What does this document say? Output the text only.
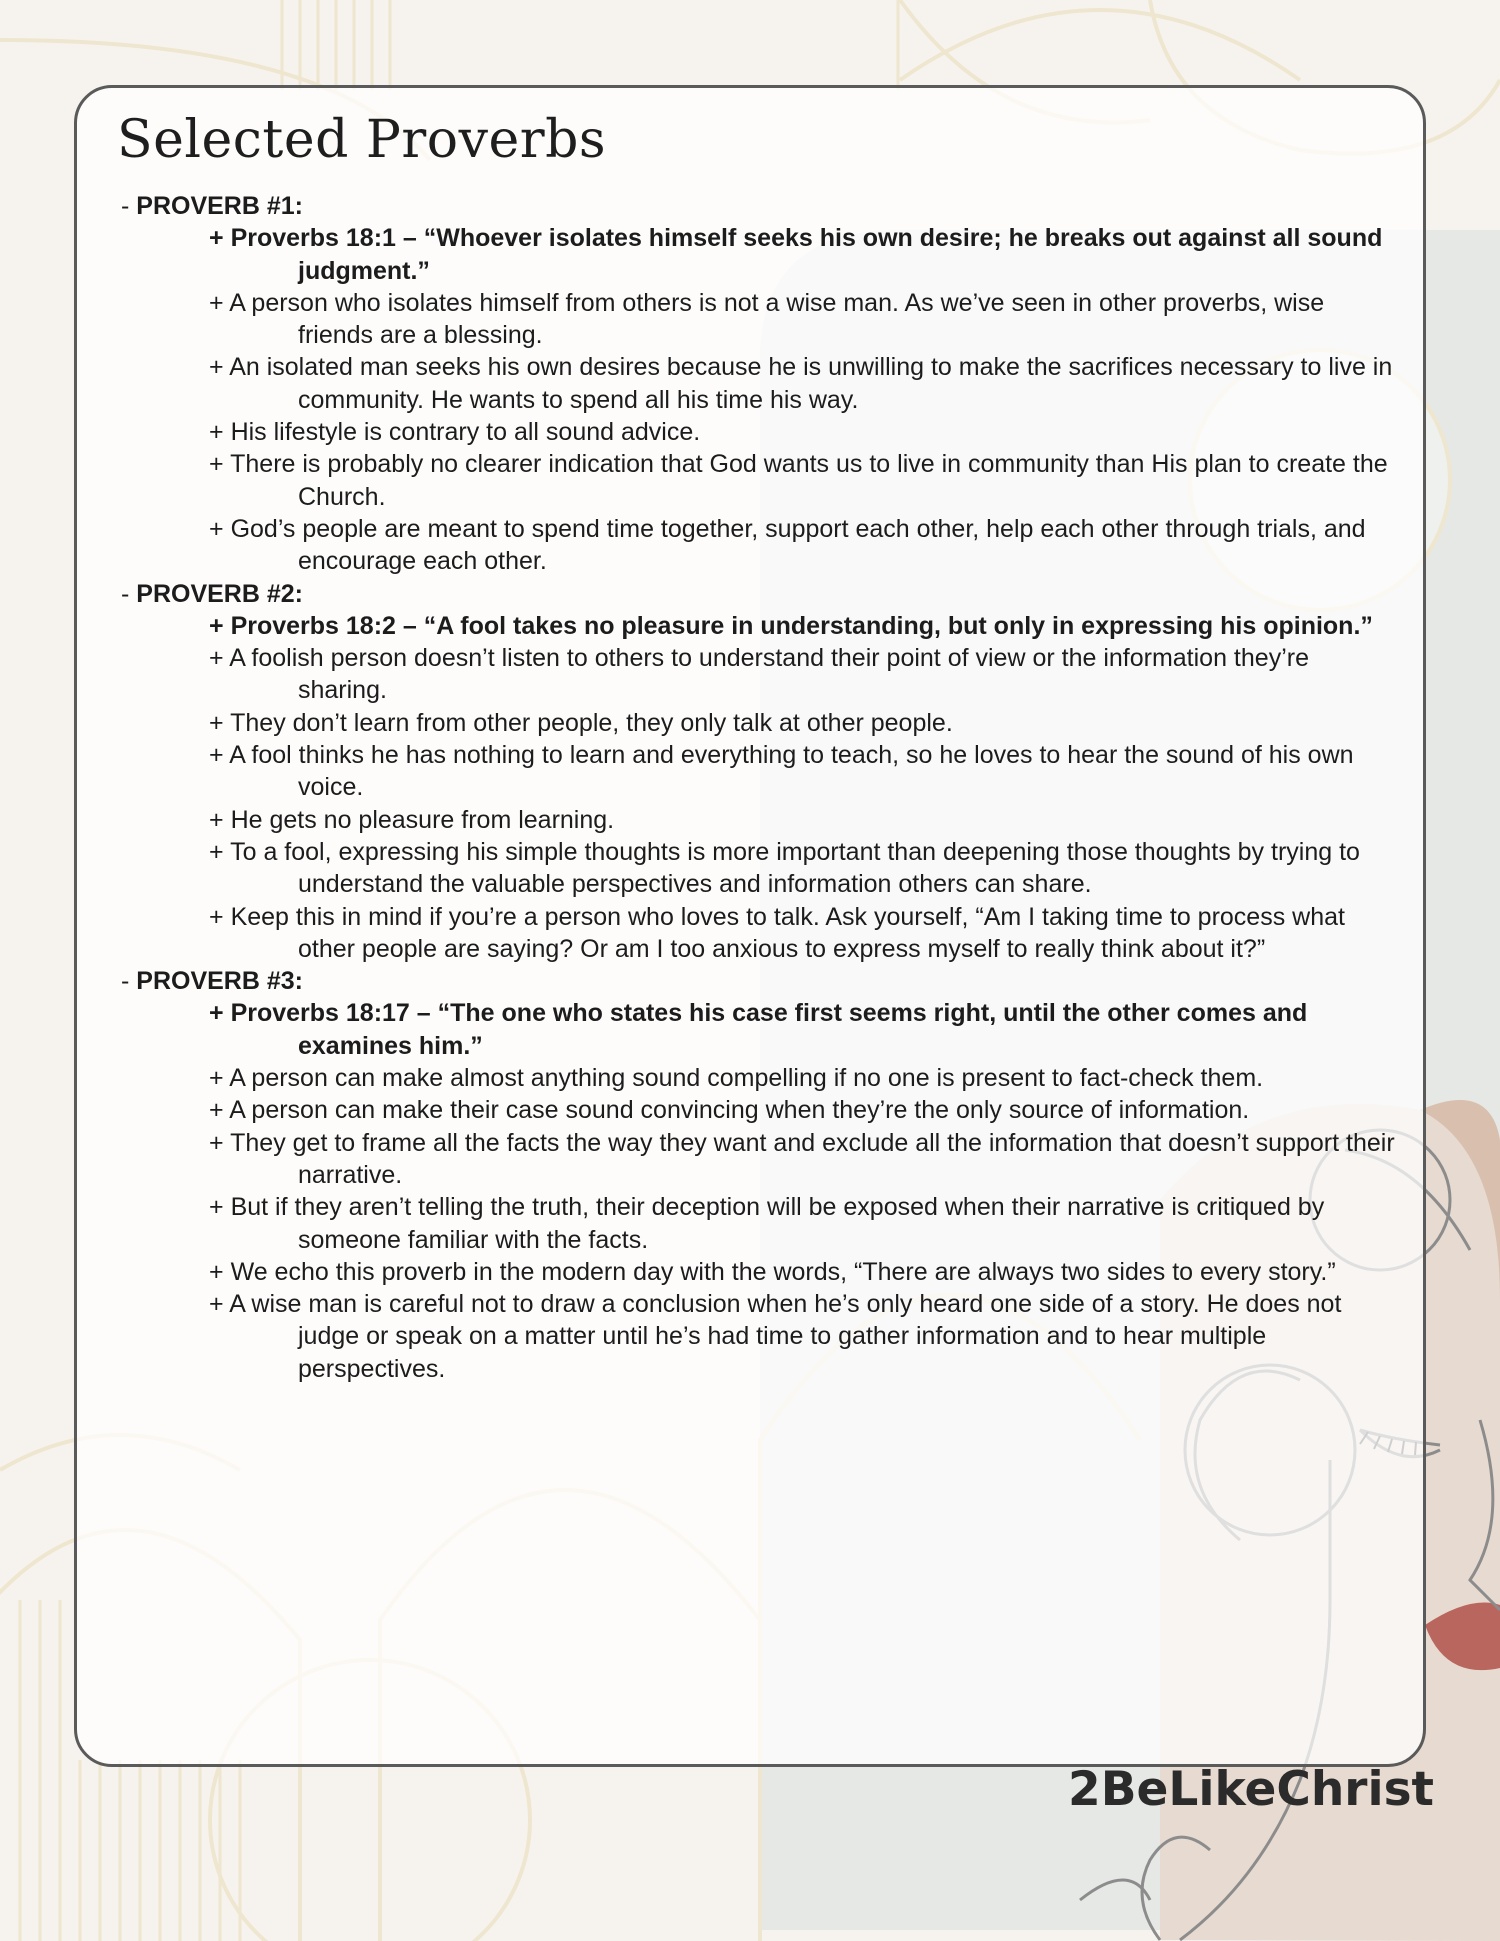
Selected Proverbs
- PROVERB #1:
+ Proverbs 18:1 – “Whoever isolates himself seeks his own desire; he breaks out against all sound judgment.”
+ A person who isolates himself from others is not a wise man. As we’ve seen in other proverbs, wise friends are a blessing.
+ An isolated man seeks his own desires because he is unwilling to make the sacrifices necessary to live in community. He wants to spend all his time his way.
+ His lifestyle is contrary to all sound advice.
+ There is probably no clearer indication that God wants us to live in community than His plan to create the Church.
+ God’s people are meant to spend time together, support each other, help each other through trials, and encourage each other.
- PROVERB #2:
+ Proverbs 18:2 – “A fool takes no pleasure in understanding, but only in expressing his opinion.”
+ A foolish person doesn’t listen to others to understand their point of view or the information they’re sharing.
+ They don’t learn from other people, they only talk at other people.
+ A fool thinks he has nothing to learn and everything to teach, so he loves to hear the sound of his own voice.
+ He gets no pleasure from learning.
+ To a fool, expressing his simple thoughts is more important than deepening those thoughts by trying to understand the valuable perspectives and information others can share.
+ Keep this in mind if you’re a person who loves to talk. Ask yourself, “Am I taking time to process what other people are saying? Or am I too anxious to express myself to really think about it?”
- PROVERB #3:
+ Proverbs 18:17 – “The one who states his case first seems right, until the other comes and examines him.”
+ A person can make almost anything sound compelling if no one is present to fact-check them.
+ A person can make their case sound convincing when they’re the only source of information.
+ They get to frame all the facts the way they want and exclude all the information that doesn’t support their narrative.
+ But if they aren’t telling the truth, their deception will be exposed when their narrative is critiqued by someone familiar with the facts.
+ We echo this proverb in the modern day with the words, “There are always two sides to every story.”
+ A wise man is careful not to draw a conclusion when he’s only heard one side of a story. He does not judge or speak on a matter until he’s had time to gather information and to hear multiple perspectives.
2BeLikeChrist
